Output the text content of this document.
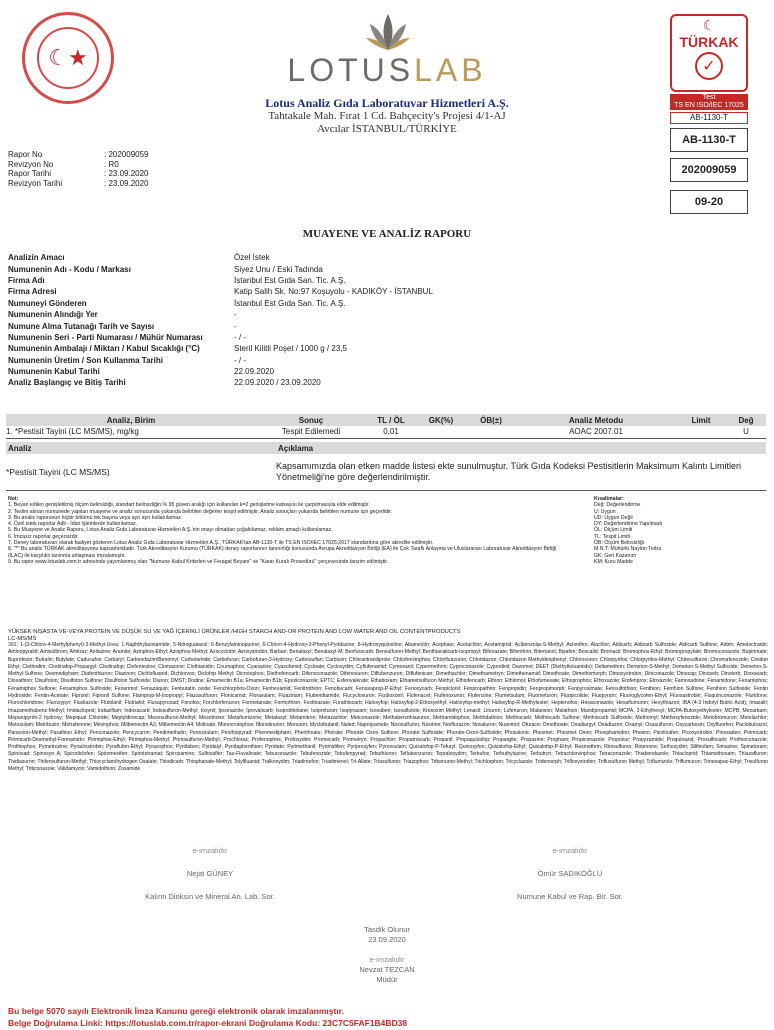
☾★	LOTUSLAB
Lotus Analiz Gıda Laboratuvar Hizmetleri A.Ş.
Tahtakale Mah. Fırat 1 Cd. Bahçecity's Projesi 4/1-AJ
Avcılar İSTANBUL/TÜRKİYE
☾
TÜRKAK
✓
Test
TS EN ISO/IEC 17025
AB-1130-T
AB-1130-T
202009059
09-20
Rapor No	: 202009059
Revizyon No	: R0
Rapor Tarihi	: 23.09.2020
Revizyon Tarihi	: 23.09.2020
MUAYENE VE ANALİZ RAPORU
Analizin Amacı	Özel İstek
Numunenin Adı - Kodu / Markası	Siyez Unu / Eski Tadında
Firma Adı	İstanbul Est Gıda San. Tic. A.Ş.
Firma Adresi	Katip Salih Sk. No:97 Koşuyolu - KADIKÖY - İSTANBUL
Numuneyi Gönderen	İstanbul Est Gıda San. Tic. A.Ş.
Numunenin Alındığı Yer	-
Numune Alma Tutanağı Tarih ve Sayısı	-
Numunenin Seri - Parti Numarası / Mühür Numarası	- / -
Numunenin Ambalajı / Miktarı / Kabul Sıcaklığı (°C)	Steril Kilitli Poşet / 1000 g / 23,5
Numunenin Üretim / Son Kullanma Tarihi	- / -
Numunenin Kabul Tarihi	22.09.2020
Analiz Başlangıç ve Bitiş Tarihi	22.09.2020 / 23.09.2020
Analiz, Birim	Sonuç	TL / ÖL	GK(%)	ÖB(±)	Analiz Metodu	Limit	Değ
1. *Pestisit Tayini (LC MS/MS), mg/kg	Tespit Edilemedi	0,01			AOAC 2007.01		U
Analiz	Açıklama
*Pestisit Tayini (LC MS/MS)	Kapsamımızda olan etken madde listesi ekte sunulmuştur. Türk Gıda Kodeksi Pestisitlerin Maksimum Kalıntı Limitleri Yönetmeliği'ne göre değerlendirilmiştir.
Not:
1. Beyan edilen genişletilmiş ölçüm belirsizliği, standart belirsizliğin % 95 güven aralığı için kullanılan k=2 genişletme katsayısı ile çarpılmasıyla elde edilmiştir.
2. Teslim alınan numunede yapılan muayene ve analiz sonucunda yukarıda belirtilen değerler tespit edilmiştir. Analiz sonuçları yukarıda belirtilen numune için geçerlidir.
3. Bu analiz raporunun hiçbir bölümü tek başına veya ayrı ayrı kullanılamaz.
4. Özel istek raporlar Adli - İdari işlemlerde kullanılamaz.
5. Bu Muayene ve Analiz Raporu, Lotus Analiz Gıda Laboratuvar Hizmetleri A.Ş.'nin onayı olmadan çoğaltılamaz, reklam amaçlı kullanılamaz.
6. İmzasız raporlar geçersizdir.
7. Deney laboratuvarı olarak faaliyet gösteren Lotus Analiz Gıda Laboratuvar Hizmetleri A.Ş., TÜRKAK'tan AB-1130-T ile TS EN ISO/IEC 17025:2017 standardına göre akredite edilmiştir.
8. "*" Bu analiz TÜRKAK akreditasyonu kapsamındadır. Türk Akreditasyon Kurumu (TÜRKAK) deney raporlarının tanınırlığı konusunda Avrupa Akreditasyon Birliği (EA) ile Çok Taraflı Anlaşma ve Uluslararası Laboratuvar Akreditasyon Birliği (ILAC) ile karşılıklı tanınma anlaşması imzalamıştır.
9. Bu rapor www.lotuslab.com.tr adresinde yayımlanmış olan "Numune Kabul Kriterleri ve Feragat Beyanı" ve "Karar Kuralı Prosedürü" çerçevesinde tanzim edilmiştir.
Kısaltmalar:
Değ: Değerlendirme
U: Uygun
UD: Uygun Değil
DY: Değerlendirme Yapılmadı
ÖL: Ölçüm Limiti
TL: Tespit Limiti
ÖB: Ölçüm Belirsizliği
M.N.T: Mühürlü Naylon Torba
GK: Geri Kazanım
KM: Kuru Madde
YÜKSEK NİŞASTA VE-VEYA PROTEİN VE DÜŞÜK SU VE YAĞ İÇERİKLİ ÜRÜNLER /HIGH STARCH AND-OR PROTEIN AND LOW WATER AND OIL CONTENTPRODUCTS
LC-MS/MS
391; 1-(3-Chloro-4-Methylphenyl)-3-Methyl-Urea; 1-Naphthylacetamide; 5-Nitroguaiacol; 6-Benzylaminopurine; 6-Chloro-4-Hydroxy-3-Phenyl-Pyridazine; 8-Hydroxyquinoline; Abamectin; Acephate; Acetachlor; Acetamiprid; Acibenzolar-S-Methyl; Aclonifen; Alachlor; Aldicarb; Aldicarb Sulfoxide; Aldicarb Sulfone; Aldrin; Ametoctradin; Aminopyralid; Amisulbrom; Amitraz; Anilazine; Aramite; Azinphos-Ethyl; Azinphos-Methyl; Azocyclotin; Azoxystrobin; Barban; Benalaxyl; Benalaxyl-M; Benfuracarb; Bensulfuron-Methyl; Benthiavalicarb-Isopropyl; Bifenazate; Bifenthrin; Bitertanol; Bixafen; Boscalid; Bromacil; Bromophos-Ethyl; Bromopropylate; Bromuconazole; Bupirimate; Buprofezin; Butralin; Butylate; Cadusafos; Carbaryl; Carbendazim/Benomyl; Carbetamide; Carbofuran; Carbofuran-3-Hydroxy; Carbosulfan; Carboxin; Chlorantraniliprole; Chlorfenvinphos; Chlorfluazuron; Chloridazon; Chloridazon Methyldesphenyl; Chloroxuron; Chlorpyrifos; Chlorpyrifos-Methyl; Chlorsulfuron; Chromafenozide; Cinidon Ethyl; Clethodim; Clodinafop-Propargyl; Clodinafop; Clofentezine; Clomazone; Clothianidin; Coumaphos; Cyanazine; Cyazofamid; Cycloate; Cycloxydim; Cyflufenamid; Cymoxanil; Cypermethrin; Cyproconazole; Cyprodinil; Dazomet; DEET (Diethyltoluamide); Deltamethrin; Demeton-S-Methyl; Demeton-S-Methyl Sulfoxide; Demeton-S-Methyl-Sulfone; Desmedipham; Diafenthiuron; Diazinon; Dichlofluanid; Dichlorvos; Diclofop Methyl; Dicrotophos; Diethofencarb; Difenoconazole; Difenoxuron; Diflubenzuron; Diflufenican; Dimethachlor; Dimethametryn; Dimethenamid; Dimethoate; Dimethomorph; Dimoxystrobin; Diniconazole; Dinocap; Dinoseb; Dinoterb; Dioxacarb; Dioxathion; Disulfoton; Disulfoton Sulfone; Disulfoton Sulfoxide; Diuron; DMST; Dodine; Emamectin B1a; Emamectin B1b; Epoxiconazole; EPTC; Esfenvalerate; Ethaboxam; Ethametsulfuron Methyl; Ethiofencarb; Ethion; Ethirimol; Ethofumesate; Ethoprophos; Ethoxazole; Etofenprox; Etoxazole; Famoxadone; Fenamidone; Fenamiphos; Fenamiphos Sulfone; Fenamiphos Sulfoxide; Fenarimol; Fenazaquin; Fenbutatin oxide; Fenchlorphos-Oxon; Fenhexamid; Fenitrothion; Fenobucarb; Fenoxaprop-P-Ethyl; Fenoxycarb; Fenpiclonil; Fenpropathrin; Fenpropidin; Fenpropimorph; Fenpyroximate; Fensulfothion; Fenthion; Fenthion Sulfone; Fenthion Sulfoxide; Fentin Hydroxide; Fentin-Acetate; Fipronil; Fipronil Sulfone; Flamprop-M-Isopropyl; Flazasulfuron; Flonicamid; Florasulam; Fluazinam; Flubendiamide; Flucycloxuron; Fludioxonil; Flufenacet; Flufenoxuron; Flufenzine; Flumetsulam; Fluometuron; Fluopicolide; Fluopyram; Fluoroglycofen-Ethyl; Fluoxastrobin; Fluquinconazole; Fluridone; Flurochloridone; Fluroxypyr; Flusilazole; Flutolanil; Flutriafol; Fluxapyroxad; Fonofos; Forchlorfenuron; Formetanate; Formothion; Fosthiazate; Furathiocarb; Haloxyfop; Haloxyfop-2-Ethoxyethyl; Haloxyfop-methyl; Haloxyfop-R-Methylester; Heptenofos; Hexaconazole; Hexaflumuron; Hexythiazox; IBA (4-3 İndolyl Butric Acid); Imazalil; Imazamethabenz-Methyl; Imidacloprid; Indaziflam; Indoxacarb; Iodosulfuron-Methyl; Ioxynil; Ipconazole; Iprovalicarb; Isoprothiolane; Isoproturon; Isopyrazam; Isoxaben; Isoxaflutole; Kresoxim Methyl; Lenacil; Linuron; Lufenuron; Malaoxon; Malathion; Mandipropamid; MCPA, 2-Ethylhexyl; MCPA-Butoxyethylester; MCPB; Mecarbam; Mepanipyrim-2 hydroxy; Mepiquat Chloride; Meptyldinocap; Mesosulfuron-Methyl; Mesotrione; Metaflumizone; Metalaxyl; Metamitron; Metazachlor; Metconazole; Methabenzthiazuron; Methamidophos; Methidathion; Methiocarb; Methiocarb Sulfone; Methiocarb Sulfoxide; Methomyl; Methoxyfenozide; Metobromuron; Metolachlor; Metosulam; Metribuzin; Metrafenone; Mevinphos; Milbemectin A3; Milbemectin A4; Molinate; Monocrotophos; Monolinuron; Monuron; Myclobutanil; Naled; Napropamide; Nicosulfuron; Nicotine; Norflurazon; Novaluron; Nuarimol; Ofurace; Omethoate; Oxadiargyl; Oxadiazon; Oxamyl; Oxasulfuron; Oxycarboxin; Oxyfluorfen; Paclobutrazol; Paraoxon-Methyl; Parathion Ethyl; Penconazole; Pencycuron; Pendimethalin; Penoxsulam; Penthiopyrad; Phenmedipham; Phenthoate; Phorate; Phorate Oxon Sulfone; Phorate Sulfoxide; Phorate-Oxon-Sulfoxide; Phosalone; Phosmet; Phosmet Oxon; Phosphamidon; Phoxim; Picolinafen; Picoxystrobin; Pinoxaden; Pirimicarb; Pirimicarb-Desmethyl-Formamido; Pirimiphos-Ethyl; Pirimiphos-Methyl; Primisulfuron-Methyl; Prochloraz; Profenophos; Profoxydim; Promecarb; Prometryn; Propachlor; Propamocarb; Propanil; Propaquizafop; Propargite; Propazine; Propham; Propiconazole; Propoxur; Propyzamide; Proquinazid; Prosulfocarb; Prothioconazole; Prothiophos; Pymetrozine; Pyraclostrobin; Pyraflufen-Ethyl; Pyrazophos; Pyridaben; Pyridalyl; Pyridaphenthion; Pyridate; Pyrimethanil; Pyrimidifen; Pyriproxyfen; Pyroxsulam; Quizalofop-P-Tefuryl; Quinoxyfen; Quizalofop-Ethyl; Quizalofop-P-Ethyl; Resmethrin; Rimsulfuron; Rotenone; Sethoxydim; Silthiofam; Simazine; Spinetoram; Spinosad; Spinosyn A; Spirodiclofen; Spiromesifen; Spirotetramat; Spiroxamine; Sulfoxaflor; Tau-Fluvalinate; Tebuconazole; Tebufenozide; Tebufenpyrad; Tebuthiuron; Teflubenzuron; Tepraloxydim; Terbufos; Terbuthylazine; Terbutryn; Tetrachlorvinphos; Tetraconazole; Thiabendazole; Thiacloprid; Thiamethoxam; Thiazafluron; Thidiazuron; Thifensulfuron-Methyl; Thiocyclam/hydrogen Oxalate; Thiodicarb; Thiophanate-Methyl; Tolylfluanid; Tralkoxydim; Triadimefon; Triadimenol; Tri-Allate; Triasulfuron; Triazophos; Tribenuron-Methyl; Trichlorphon; Tricyclazole; Tridemorph; Trifloxystrobin; Triflusulfuron Methyl; Triflumizole; Triflumuron; Trinexapac-Ethyl; Trisulfuron Methyl; Triticonazole; Validamycin; Vamidothion; Zoxamide
e-imzalıdır
Nejat GÜNEY
Kalıntı Dioksin ve Mineral An. Lab. Sor.
e-imzalıdır
Ömür SADIKOĞLU
Numune Kabul ve Rap. Bir. Sor.
Tasdik Olunur
23.09.2020
e-imzalıdır
Nevzat TEZCAN
Müdür
Bu belge 5070 sayılı Elektronik İmza Kanunu gereği elektronik olarak imzalanmıştır.
Belge Doğrulama Linki: https://lotuslab.com.tr/rapor-ekrani Doğrulama Kodu: 23C7C5FAF1B4BD38
